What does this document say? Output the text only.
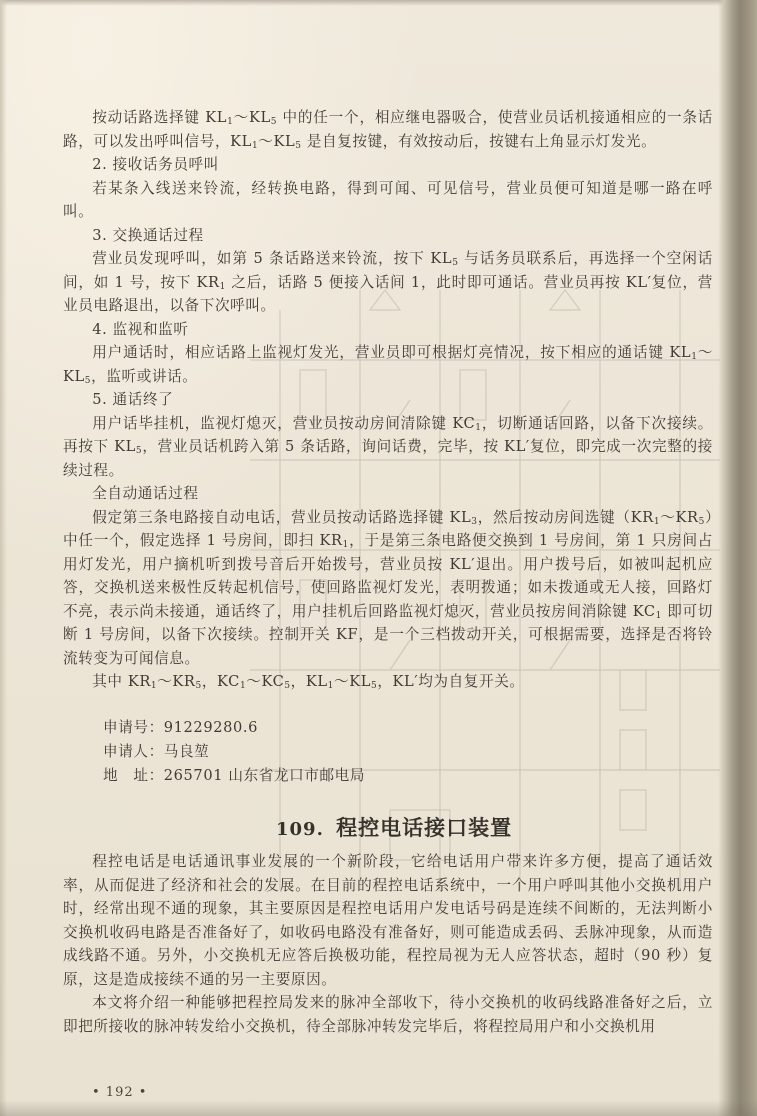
按动话路选择键 $KL_1\sim KL_5$ 中的任一个，相应继电器吸合，使营业员话机接通相应的一条话路，可以发出呼叫信号，$KL_1\sim KL_5$ 是自复按键，有效按动后，按键右上角显示灯发光。

2. 接收话务员呼叫

若某条入线送来铃流，经转换电路，得到可闻、可见信号，营业员便可知道是哪一路在呼叫。

3. 交换通话过程

营业员发现呼叫，如第 5 条话路送来铃流，按下 $KL_5$ 与话务员联系后，再选择一个空闲话间，如 1 号，按下 $KR_1$ 之后，话路 5 便接入话间 1，此时即可通话。营业员再按 KL′复位，营业员电路退出，以备下次呼叫。

4. 监视和监听

用户通话时，相应话路上监视灯发光，营业员即可根据灯亮情况，按下相应的通话键 $KL_1\sim KL_5$，监听或讲话。

5. 通话终了

用户话毕挂机，监视灯熄灭，营业员按动房间清除键 $KC_1$，切断通话回路，以备下次接续。再按下 $KL_5$，营业员话机跨入第 5 条话路，询问话费，完毕，按 KL′复位，即完成一次完整的接续过程。

全自动通话过程

假定第三条电路接自动电话，营业员按动话路选择键 $KL_3$，然后按动房间选键$(KR_1\sim KR_5)$中任一个，假定选择 1 号房间，即扫 $KR_1$，于是第三条电路便交换到 1 号房间，第 1 只房间占用灯发光，用户摘机听到拨号音后开始拨号，营业员按 KL′退出。用户拨号后，如被叫起机应答，交换机送来极性反转起机信号，使回路监视灯发光，表明拨通；如未拨通或无人接，回路灯不亮，表示尚未接通，通话终了，用户挂机后回路监视灯熄灭，营业员按房间消除键 $KC_1$ 即可切断 1 号房间，以备下次接续。控制开关 KF，是一个三档拨动开关，可根据需要，选择是否将铃流转变为可闻信息。

其中 $KR_1\sim KR_5$，$KC_1\sim KC_5$，$KL_1\sim KL_5$，KL′均为自复开关。

申请号：91229280.6
申请人：马良堃
地　址：265701 山东省龙口市邮电局
109. 程控电话接口装置

程控电话是电话通讯事业发展的一个新阶段，它给电话用户带来许多方便，提高了通话效率，从而促进了经济和社会的发展。在目前的程控电话系统中，一个用户呼叫其他小交换机用户时，经常出现不通的现象，其主要原因是程控电话用户发电话号码是连续不间断的，无法判断小交换机收码电路是否准备好了，如收码电路没有准备好，则可能造成丢码、丢脉冲现象，从而造成线路不通。另外，小交换机无应答后换极功能，程控局视为无人应答状态，超时（90 秒）复原，这是造成接续不通的另一主要原因。

本文将介绍一种能够把程控局发来的脉冲全部收下，待小交换机的收码线路准备好之后，立即把所接收的脉冲转发给小交换机，待全部脉冲转发完毕后，将程控局用户和小交换机用

• 192 •
